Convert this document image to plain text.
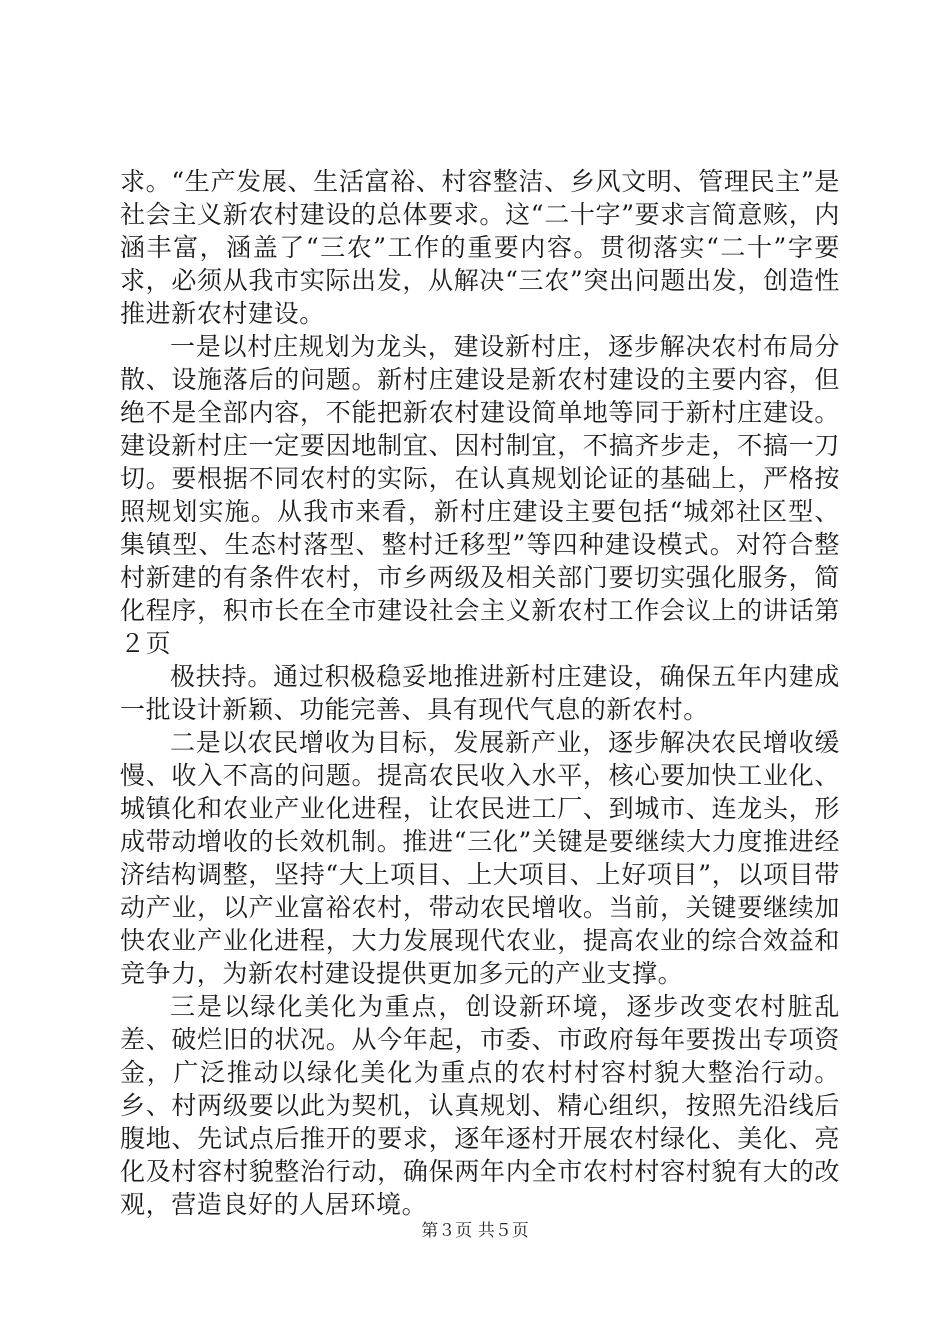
求。“生产发展、生活富裕、村容整洁、乡风文明、管理民主”是社会主义新农村建设的总体要求。这“二十字”要求言简意赅，内涵丰富，涵盖了“三农”工作的重要内容。贯彻落实“二十”字要求，必须从我市实际出发，从解决“三农”突出问题出发，创造性推进新农村建设。

一是以村庄规划为龙头，建设新村庄，逐步解决农村布局分散、设施落后的问题。新村庄建设是新农村建设的主要内容，但绝不是全部内容，不能把新农村建设简单地等同于新村庄建设。建设新村庄一定要因地制宜、因村制宜，不搞齐步走，不搞一刀切。要根据不同农村的实际，在认真规划论证的基础上，严格按照规划实施。从我市来看，新村庄建设主要包括“城郊社区型、集镇型、生态村落型、整村迁移型”等四种建设模式。对符合整村新建的有条件农村，市乡两级及相关部门要切实强化服务，简化程序，积市长在全市建设社会主义新农村工作会议上的讲话第２页

极扶持。通过积极稳妥地推进新村庄建设，确保五年内建成一批设计新颖、功能完善、具有现代气息的新农村。

二是以农民增收为目标，发展新产业，逐步解决农民增收缓慢、收入不高的问题。提高农民收入水平，核心要加快工业化、城镇化和农业产业化进程，让农民进工厂、到城市、连龙头，形成带动增收的长效机制。推进“三化”关键是要继续大力度推进经济结构调整，坚持“大上项目、上大项目、上好项目”，以项目带动产业，以产业富裕农村，带动农民增收。当前，关键要继续加快农业产业化进程，大力发展现代农业，提高农业的综合效益和竞争力，为新农村建设提供更加多元的产业支撑。

三是以绿化美化为重点，创设新环境，逐步改变农村脏乱差、破烂旧的状况。从今年起，市委、市政府每年要拨出专项资金，广泛推动以绿化美化为重点的农村村容村貌大整治行动。乡、村两级要以此为契机，认真规划、精心组织，按照先沿线后腹地、先试点后推开的要求，逐年逐村开展农村绿化、美化、亮化及村容村貌整治行动，确保两年内全市农村村容村貌有大的改观，营造良好的人居环境。

第３页 共５页
